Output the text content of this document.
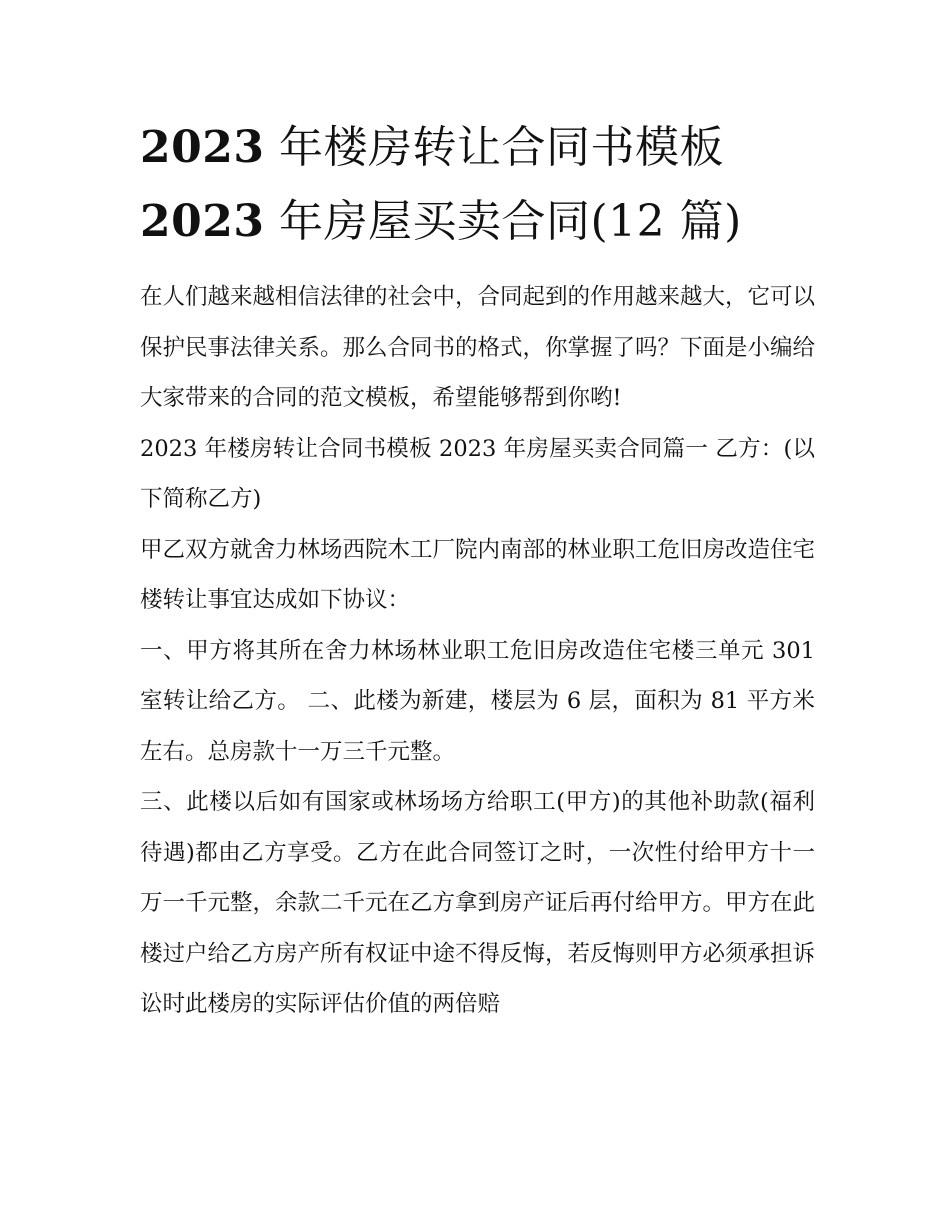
2023 年楼房转让合同书模板
2023 年房屋买卖合同(12 篇)

在人们越来越相信法律的社会中，合同起到的作用越来越大，它可以保护民事法律关系。那么合同书的格式，你掌握了吗？下面是小编给大家带来的合同的范文模板，希望能够帮到你哟!

2023 年楼房转让合同书模板 2023 年房屋买卖合同篇一 乙方：(以下简称乙方)

甲乙双方就舍力林场西院木工厂院内南部的林业职工危旧房改造住宅楼转让事宜达成如下协议：

一、甲方将其所在舍力林场林业职工危旧房改造住宅楼三单元 301 室转让给乙方。 二、此楼为新建，楼层为 6 层，面积为 81 平方米左右。总房款十一万三千元整。

三、此楼以后如有国家或林场场方给职工(甲方)的其他补助款(福利待遇)都由乙方享受。乙方在此合同签订之时，一次性付给甲方十一万一千元整，余款二千元在乙方拿到房产证后再付给甲方。甲方在此楼过户给乙方房产所有权证中途不得反悔，若反悔则甲方必须承担诉讼时此楼房的实际评估价值的两倍赔
